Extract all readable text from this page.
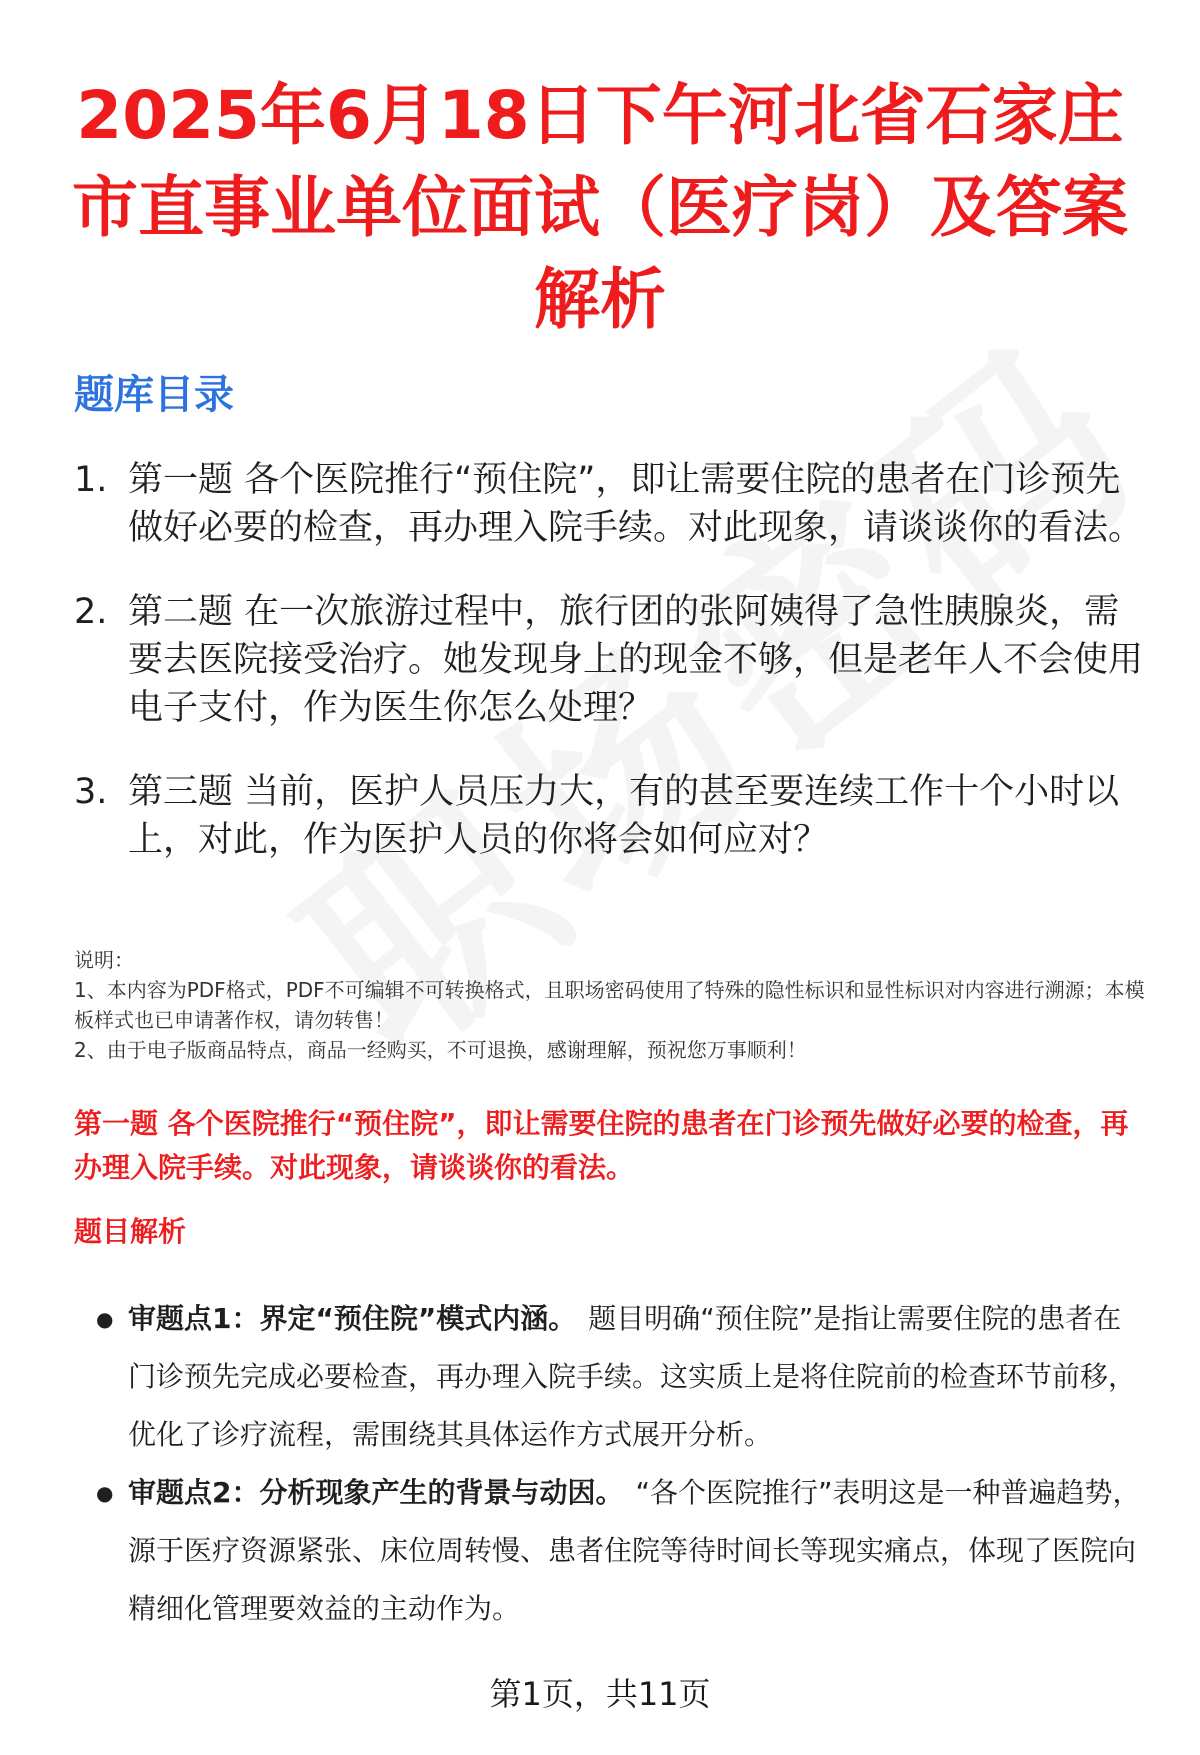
2025年6月18日下午河北省石家庄市直事业单位面试（医疗岗）及答案解析
题库目录
1. 第一题 各个医院推行“预住院”，即让需要住院的患者在门诊预先做好必要的检查，再办理入院手续。对此现象，请谈谈你的看法。
2. 第二题 在一次旅游过程中，旅行团的张阿姨得了急性胰腺炎，需要去医院接受治疗。她发现身上的现金不够，但是老年人不会使用电子支付，作为医生你怎么处理？
3. 第三题 当前，医护人员压力大，有的甚至要连续工作十个小时以上，对此，作为医护人员的你将会如何应对？

说明：

1、本内容为PDF格式，PDF不可编辑不可转换格式，且职场密码使用了特殊的隐性标识和显性标识对内容进行溯源；本模板样式也已申请著作权，请勿转售！

2、由于电子版商品特点，商品一经购买，不可退换，感谢理解，预祝您万事顺利！

第一题 各个医院推行“预住院”，即让需要住院的患者在门诊预先做好必要的检查，再办理入院手续。对此现象，请谈谈你的看法。
题目解析
● 审题点1：界定“预住院”模式内涵。 题目明确“预住院”是指让需要住院的患者在门诊预先完成必要检查，再办理入院手续。这实质上是将住院前的检查环节前移，优化了诊疗流程，需围绕其具体运作方式展开分析。
● 审题点2：分析现象产生的背景与动因。 “各个医院推行”表明这是一种普遍趋势，源于医疗资源紧张、床位周转慢、患者住院等待时间长等现实痛点，体现了医院向精细化管理要效益的主动作为。
第1页，共11页
